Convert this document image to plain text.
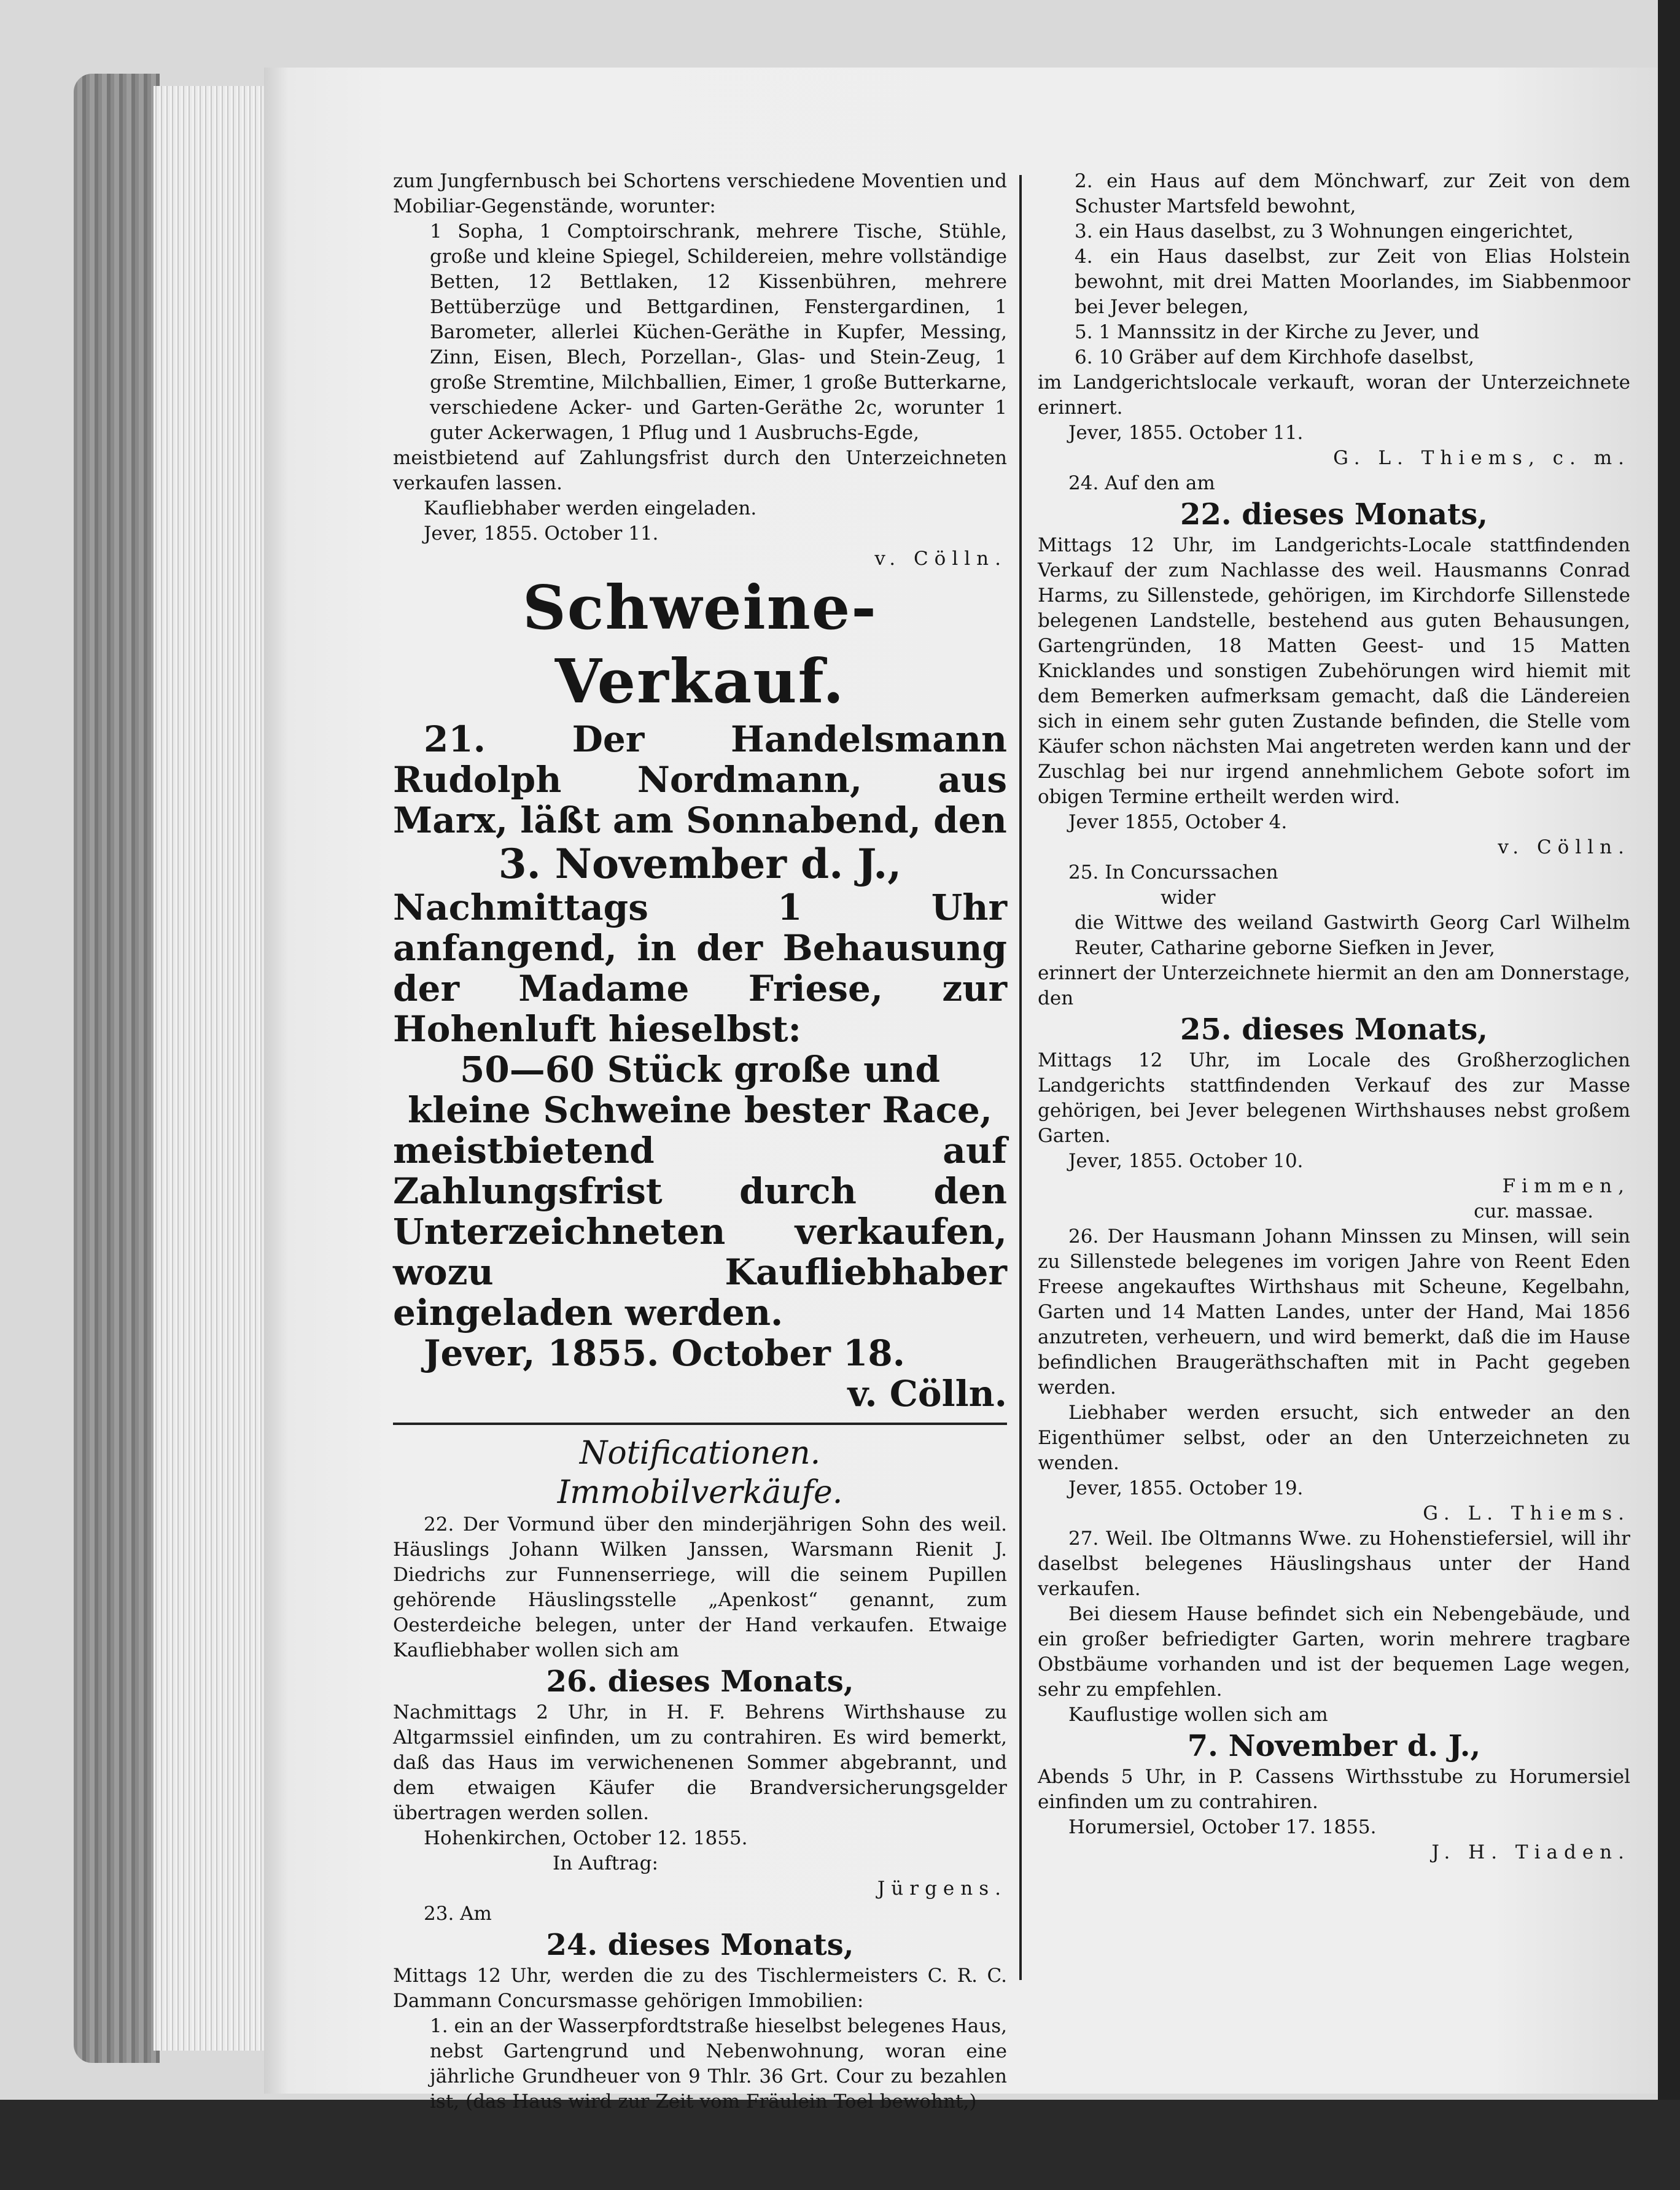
zum Jungfernbusch bei Schortens verschiedene Moventien und Mobiliar-Gegenstände, worunter:

1 Sopha, 1 Comptoirschrank, mehrere Tische, Stühle, große und kleine Spiegel, Schildereien, mehre vollständige Betten, 12 Bettlaken, 12 Kissenbühren, mehrere Bettüberzüge und Bettgardinen, Fenstergardinen, 1 Barometer, allerlei Küchen-Geräthe in Kupfer, Messing, Zinn, Eisen, Blech, Porzellan-, Glas- und Stein-Zeug, 1 große Stremtine, Milchballien, Eimer, 1 große Butterkarne, verschiedene Acker- und Garten-Geräthe 2c, worunter 1 guter Ackerwagen, 1 Pflug und 1 Ausbruchs-Egde,

meistbietend auf Zahlungsfrist durch den Unterzeichneten verkaufen lassen.

Kaufliebhaber werden eingeladen.

Jever, 1855. October 11.

v. Cölln.

Schweine-Verkauf.

21. Der Handelsmann Rudolph Nordmann, aus Marx, läßt am Sonnabend, den

3. November d. J.,

Nachmittags 1 Uhr anfangend, in der Behausung der Madame Friese, zur Hohenluft hieselbst:

50—60 Stück große und kleine Schweine bester Race,

meistbietend auf Zahlungsfrist durch den Unterzeichneten verkaufen, wozu Kaufliebhaber eingeladen werden.

Jever, 1855. October 18.

v. Cölln.

Notificationen.

Immobilverkäufe.

22. Der Vormund über den minderjährigen Sohn des weil. Häuslings Johann Wilken Janssen, Warsmann Rienit J. Diedrichs zur Funnenserriege, will die seinem Pupillen gehörende Häuslingsstelle „Apenkost“ genannt, zum Oesterdeiche belegen, unter der Hand verkaufen. Etwaige Kaufliebhaber wollen sich am

26. dieses Monats,

Nachmittags 2 Uhr, in H. F. Behrens Wirthshause zu Altgarmssiel einfinden, um zu contrahiren. Es wird bemerkt, daß das Haus im verwichenenen Sommer abgebrannt, und dem etwaigen Käufer die Brandversicherungsgelder übertragen werden sollen.

Hohenkirchen, October 12. 1855.

In Auftrag:

Jürgens.

23. Am

24. dieses Monats,

Mittags 12 Uhr, werden die zu des Tischlermeisters C. R. C. Dammann Concursmasse gehörigen Immobilien:

1. ein an der Wasserpfordtstraße hieselbst belegenes Haus, nebst Gartengrund und Nebenwohnung, woran eine jährliche Grundheuer von 9 Thlr. 36 Grt. Cour zu bezahlen ist, (das Haus wird zur Zeit vom Fräulein Toel bewohnt,)

2. ein Haus auf dem Mönchwarf, zur Zeit von dem Schuster Martsfeld bewohnt,

3. ein Haus daselbst, zu 3 Wohnungen eingerichtet,

4. ein Haus daselbst, zur Zeit von Elias Holstein bewohnt, mit drei Matten Moorlandes, im Siabbenmoor bei Jever belegen,

5. 1 Mannssitz in der Kirche zu Jever, und

6. 10 Gräber auf dem Kirchhofe daselbst,

im Landgerichtslocale verkauft, woran der Unterzeichnete erinnert.

Jever, 1855. October 11.

G. L. Thiems, c. m.

24. Auf den am

22. dieses Monats,

Mittags 12 Uhr, im Landgerichts-Locale stattfindenden Verkauf der zum Nachlasse des weil. Hausmanns Conrad Harms, zu Sillenstede, gehörigen, im Kirchdorfe Sillenstede belegenen Landstelle, bestehend aus guten Behausungen, Gartengründen, 18 Matten Geest- und 15 Matten Knicklandes und sonstigen Zubehörungen wird hiemit mit dem Bemerken aufmerksam gemacht, daß die Ländereien sich in einem sehr guten Zustande befinden, die Stelle vom Käufer schon nächsten Mai angetreten werden kann und der Zuschlag bei nur irgend annehmlichem Gebote sofort im obigen Termine ertheilt werden wird.

Jever 1855, October 4.

v. Cölln.

25. In Concurssachen

wider

die Wittwe des weiland Gastwirth Georg Carl Wilhelm Reuter, Catharine geborne Siefken in Jever,

erinnert der Unterzeichnete hiermit an den am Donnerstage, den

25. dieses Monats,

Mittags 12 Uhr, im Locale des Großherzoglichen Landgerichts stattfindenden Verkauf des zur Masse gehörigen, bei Jever belegenen Wirthshauses nebst großem Garten.

Jever, 1855. October 10.

Fimmen,

cur. massae.

26. Der Hausmann Johann Minssen zu Minsen, will sein zu Sillenstede belegenes im vorigen Jahre von Reent Eden Freese angekauftes Wirthshaus mit Scheune, Kegelbahn, Garten und 14 Matten Landes, unter der Hand, Mai 1856 anzutreten, verheuern, und wird bemerkt, daß die im Hause befindlichen Braugeräthschaften mit in Pacht gegeben werden.

Liebhaber werden ersucht, sich entweder an den Eigenthümer selbst, oder an den Unterzeichneten zu wenden.

Jever, 1855. October 19.

G. L. Thiems.

27. Weil. Ibe Oltmanns Wwe. zu Hohenstiefersiel, will ihr daselbst belegenes Häuslingshaus unter der Hand verkaufen.

Bei diesem Hause befindet sich ein Nebengebäude, und ein großer befriedigter Garten, worin mehrere tragbare Obstbäume vorhanden und ist der bequemen Lage wegen, sehr zu empfehlen.

Kauflustige wollen sich am

7. November d. J.,

Abends 5 Uhr, in P. Cassens Wirthsstube zu Horumersiel einfinden um zu contrahiren.

Horumersiel, October 17. 1855.

J. H. Tiaden.
